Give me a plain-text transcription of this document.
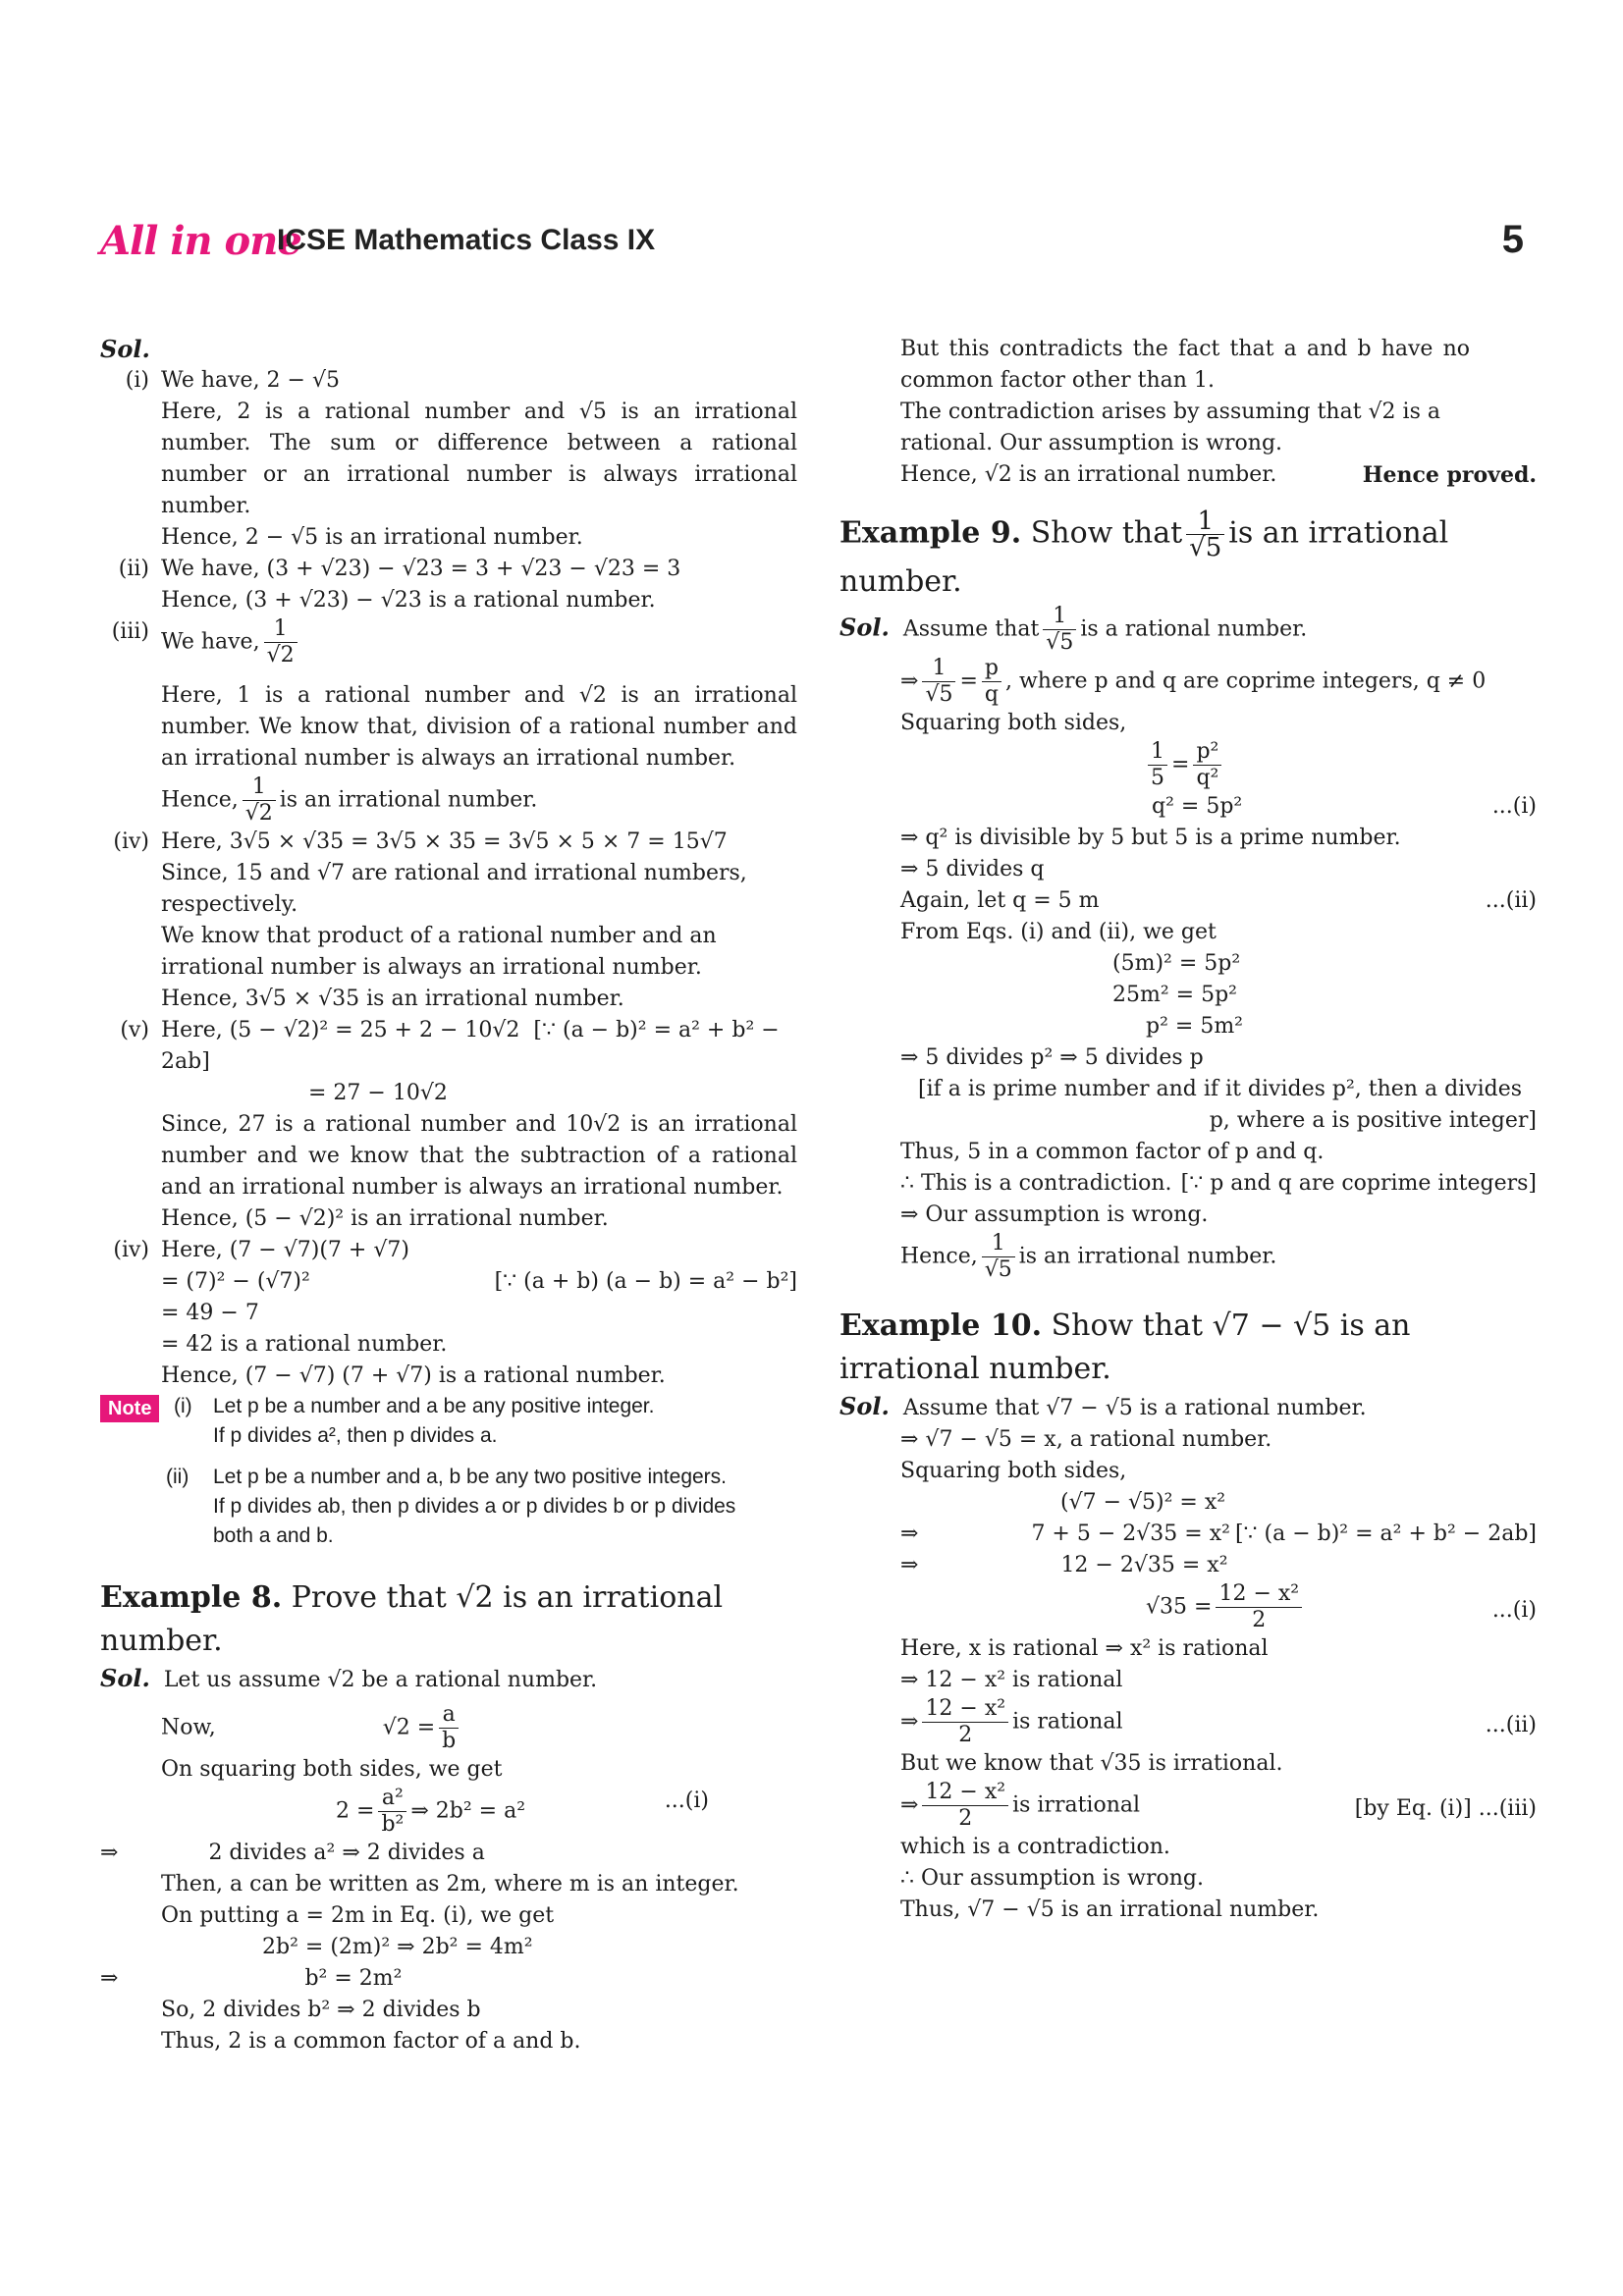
All in one
ICSE Mathematics Class IX	5
Sol.
(i) We have, 2 − √5
Here, 2 is a rational number and √5 is an irrational number. The sum or difference between a rational number or an irrational number is always irrational number.
Hence, 2 − √5 is an irrational number.
(ii) We have, (3 + √23) − √23 = 3 + √23 − √23 = 3
Hence, (3 + √23) − √23 is a rational number.
(iii) We have, $\frac{1}{√2}$
Here, 1 is a rational number and √2 is an irrational number. We know that, division of a rational number and an irrational number is always an irrational number.
Hence, $\frac{1}{√2}$ is an irrational number.
(iv) Here, 3√5 × √35 = 3√5 × 35 = 3√5 × 5 × 7 = 15√7
Since, 15 and √7 are rational and irrational numbers, respectively.
We know that product of a rational number and an irrational number is always an irrational number.
Hence, 3√5 × √35 is an irrational number.
(v) Here, (5 − √2)² = 25 + 2 − 10√2 [∵ (a − b)² = a² + b² − 2ab]
= 27 − 10√2
Since, 27 is a rational number and 10√2 is an irrational number and we know that the subtraction of a rational and an irrational number is always an irrational number.
Hence, (5 − √2)² is an irrational number.
(iv) Here, (7 − √7)(7 + √7)
= (7)² − (√7)²	[∵ (a + b) (a − b) = a² − b²]
= 49 − 7
= 42 is a rational number.
Hence, (7 − √7) (7 + √7) is a rational number.
Note	(i)	Let p be a number and a be any positive integer.
If p divides a², then p divides a.
(ii)	Let p be a number and a, b be any two positive integers.
If p divides ab, then p divides a or p divides b or p divides
both a and b.
Example 8. Prove that √2 is an irrational number.
Sol. Let us assume √2 be a rational number.
Now,	$√2 = \frac{a}{b}$
On squaring both sides, we get
$2 = \frac{\text{a²}}{\text{b²}}$ ⇒ 2b² = a²	...(i)
⇒	2 divides a² ⇒ 2 divides a
Then, a can be written as 2m, where m is an integer.
On putting a = 2m in Eq. (i), we get
2b² = (2m)² ⇒ 2b² = 4m²
⇒	b² = 2m²
So, 2 divides b² ⇒ 2 divides b
Thus, 2 is a common factor of a and b.
But this contradicts the fact that a and b have no common factor other than 1.
The contradiction arises by assuming that √2 is a rational. Our assumption is wrong.
Hence, √2 is an irrational number.	Hence proved.
Example 9. Show that $\frac{1}{√5}$ is an irrational number.
Sol. Assume that $\frac{1}{√5}$ is a rational number.
⇒ $\frac{1}{√5} = \frac{p}{q}$ , where p and q are coprime integers, q ≠ 0
Squaring both sides,
$\frac{1}{5} = \frac{\text{p²}}{\text{q²}}$
q² = 5p²	...(i)
⇒ q² is divisible by 5 but 5 is a prime number.
⇒ 5 divides q
Again, let q = 5 m	...(ii)
From Eqs. (i) and (ii), we get
(5m)² = 5p²
25m² = 5p²
p² = 5m²
⇒ 5 divides p² ⇒ 5 divides p
[if a is prime number and if it divides p², then a divides
p, where a is positive integer]
Thus, 5 in a common factor of p and q.
∴ This is a contradiction. [∵ p and q are coprime integers]
⇒ Our assumption is wrong.
Hence, $\frac{1}{√5}$ is an irrational number.
Example 10. Show that √7 − √5 is an irrational number.
Sol. Assume that √7 − √5 is a rational number.
⇒ √7 − √5 = x, a rational number.
Squaring both sides,
(√7 − √5)² = x²
⇒	7 + 5 − 2√35 = x² [∵ (a − b)² = a² + b² − 2ab]
⇒	12 − 2√35 = x²
$√35 = \frac{\text{12 − x²}}{2}$	...(i)
Here, x is rational ⇒ x² is rational
⇒ 12 − x² is rational
⇒ $\frac{\text{12 − x²}}{2}$ is rational	...(ii)
But we know that √35 is irrational.
⇒ $\frac{\text{12 − x²}}{2}$ is irrational	[by Eq. (i)] ...(iii)
which is a contradiction.
∴ Our assumption is wrong.
Thus, √7 − √5 is an irrational number.
